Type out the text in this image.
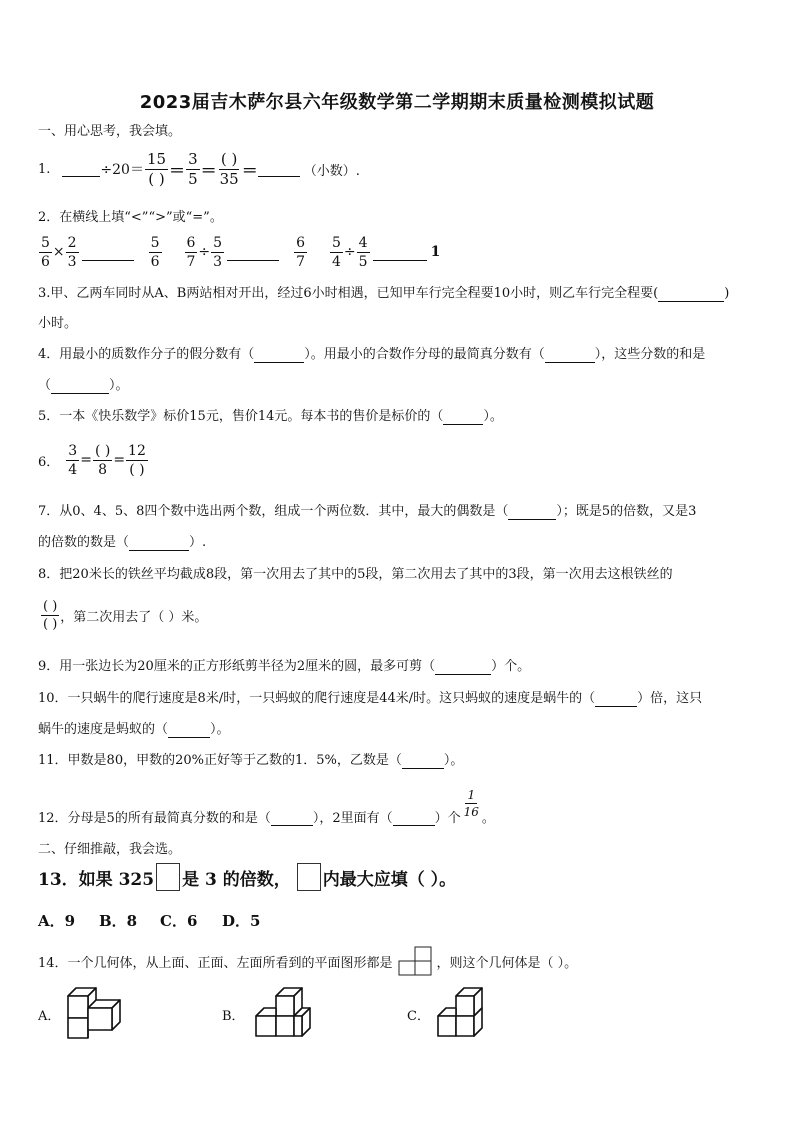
2023届吉木萨尔县六年级数学第二学期期末质量检测模拟试题
一、用心思考，我会填。
1.
	$\div 20= \frac{15}{( )} = \frac{3}{5} = \frac{( )}{35}$ ＝
	（小数）.
2．在横线上填“<”“>”或“=”。
$\frac{5}{6} \times \frac{2}{3}$
	$\frac{5}{6} \frac{6}{7} \div \frac{5}{3}$
	$\frac{6}{7} \frac{5}{4} \div \frac{4}{5}$
	1
3.甲、乙两车同时从A、B两站相对开出，经过6小时相遇，已知甲车行完全程要10小时，则乙车行完全程要(	)
小时。
4．用最小的质数作分子的假分数有（	）。用最小的合数作分母的最简真分数有（	），这些分数的和是
（	）。
5．一本《快乐数学》标价15元，售价14元。每本书的售价是标价的（	）。
6． $\frac{3}{4} = \frac{( )}{8} = \frac{12}{( )}$
7．从0、4、5、8四个数中选出两个数，组成一个两位数．其中，最大的偶数是（	）；既是5的倍数，又是3
的倍数的数是（	）.
8．把20米长的铁丝平均截成8段，第一次用去了其中的5段，第二次用去了其中的3段，第一次用去这根铁丝的
$\frac{( )}{( )}$ ，第二次用去了（ ）米。
9．用一张边长为20厘米的正方形纸剪半径为2厘米的圆，最多可剪（	）个。
10．一只蜗牛的爬行速度是8米/时，一只蚂蚁的爬行速度是44米/时。这只蚂蚁的速度是蜗牛的（	）倍，这只
蜗牛的速度是蚂蚁的（	）。
11．甲数是80，甲数的20%正好等于乙数的1．5%，乙数是（	）。
12．分母是5的所有最简真分数的和是（
	），2里面有（
	）个
$\frac{1}{16}$
。
二、仔细推敲，我会选。
13．如果 325 是 3 的倍数， 内最大应填（ ）。
A．9 B．8 C．6 D．5
14．一个几何体，从上面、正面、左面所看到的平面图形都是	，则这个几何体是（ ）。
A．	B．	C．
